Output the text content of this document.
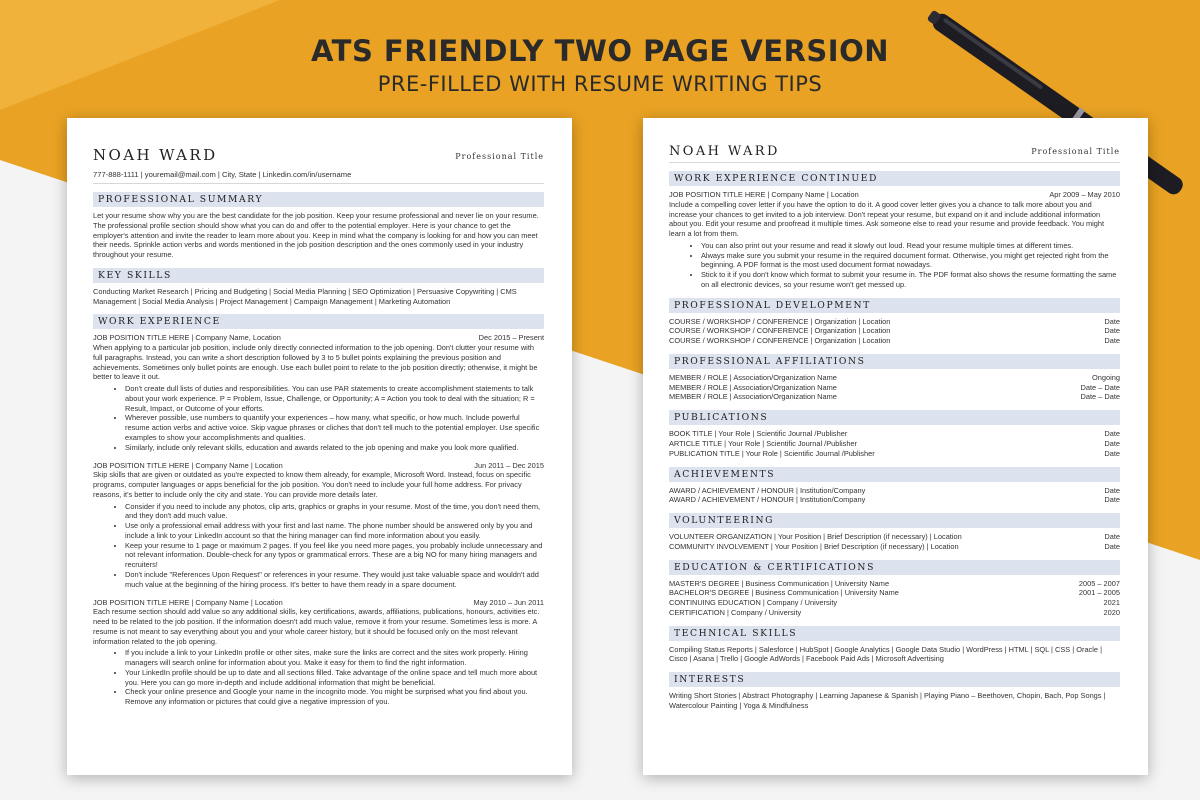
ATS FRIENDLY TWO PAGE VERSION
PRE-FILLED WITH RESUME WRITING TIPS
NOAH WARD	Professional Title
777-888-1111 | youremail@mail.com | City, State | Linkedin.com/in/username
PROFESSIONAL SUMMARY
Let your resume show why you are the best candidate for the job position. Keep your resume professional and never lie on your resume. The professional profile section should show what you can do and offer to the potential employer. Here is your chance to get the employer's attention and invite the reader to learn more about you. Keep in mind what the company is looking for and how you can meet their needs. Sprinkle action verbs and words mentioned in the job position description and the ones commonly used in your industry throughout your resume.
KEY SKILLS
Conducting Market Research | Pricing and Budgeting | Social Media Planning | SEO Optimization | Persuasive Copywriting | CMS Management | Social Media Analysis | Project Management | Campaign Management | Marketing Automation
WORK EXPERIENCE
JOB POSITION TITLE HERE | Company Name, Location	Dec 2015 – Present
When applying to a particular job position, include only directly connected information to the job opening. Don't clutter your resume with full paragraphs. Instead, you can write a short description followed by 3 to 5 bullet points explaining the previous position and achievements. Sometimes only bullet points are enough. Use each bullet point to relate to the job position directly; otherwise, it might be better to leave it out.
• Don't create dull lists of duties and responsibilities. You can use PAR statements to create accomplishment statements to talk about your work experience. P = Problem, Issue, Challenge, or Opportunity; A = Action you took to deal with the situation; R = Result, Impact, or Outcome of your efforts.
• Wherever possible, use numbers to quantify your experiences – how many, what specific, or how much. Include powerful resume action verbs and active voice. Skip vague phrases or cliches that don't tell much to the potential employer. Use specific examples to show your accomplishments and qualities.
• Similarly, include only relevant skills, education and awards related to the job opening and make you look more qualified.
JOB POSITION TITLE HERE | Company Name | Location	Jun 2011 – Dec 2015
Skip skills that are given or outdated as you're expected to know them already, for example, Microsoft Word. Instead, focus on specific programs, computer languages or apps beneficial for the job position. You don't need to include your full home address. For privacy reasons, it's better to include only the city and state. You can provide more details later.
• Consider if you need to include any photos, clip arts, graphics or graphs in your resume. Most of the time, you don't need them, and they don't add much value.
• Use only a professional email address with your first and last name. The phone number should be answered only by you and include a link to your LinkedIn account so that the hiring manager can find more information about you easily.
• Keep your resume to 1 page or maximum 2 pages. If you feel like you need more pages, you probably include unnecessary and not relevant information. Double-check for any typos or grammatical errors. These are a big NO for many hiring managers and recruiters!
• Don't include "References Upon Request" or references in your resume. They would just take valuable space and wouldn't add much value at the beginning of the hiring process. It's better to have them ready in a spare document.
JOB POSITION TITLE HERE | Company Name | Location	May 2010 – Jun 2011
Each resume section should add value so any additional skills, key certifications, awards, affiliations, publications, honours, activities etc. need to be related to the job position. If the information doesn't add much value, remove it from your resume. Sometimes less is more. A resume is not meant to say everything about you and your whole career history, but it should be focused only on the most relevant information related to the job opening.
• If you include a link to your LinkedIn profile or other sites, make sure the links are correct and the sites work properly. Hiring managers will search online for information about you. Make it easy for them to find the right information.
• Your LinkedIn profile should be up to date and all sections filled. Take advantage of the online space and tell much more about you. Here you can go more in-depth and include additional information that might be beneficial.
• Check your online presence and Google your name in the incognito mode. You might be surprised what you find about you. Remove any information or pictures that could give a negative impression of you.
NOAH WARD	Professional Title
WORK EXPERIENCE CONTINUED
JOB POSITION TITLE HERE | Company Name | Location	Apr 2009 – May 2010
Include a compelling cover letter if you have the option to do it. A good cover letter gives you a chance to talk more about you and increase your chances to get invited to a job interview. Don't repeat your resume, but expand on it and include additional information about you. Edit your resume and proofread it multiple times. Ask someone else to read your resume and provide feedback. You might learn a lot from them.
• You can also print out your resume and read it slowly out loud. Read your resume multiple times at different times.
• Always make sure you submit your resume in the required document format. Otherwise, you might get rejected right from the beginning. A PDF format is the most used document format nowadays.
• Stick to it if you don't know which format to submit your resume in. The PDF format also shows the resume formatting the same on all electronic devices, so your resume won't get messed up.
PROFESSIONAL DEVELOPMENT
COURSE / WORKSHOP / CONFERENCE | Organization | Location	Date
COURSE / WORKSHOP / CONFERENCE | Organization | Location	Date
COURSE / WORKSHOP / CONFERENCE | Organization | Location	Date
PROFESSIONAL AFFILIATIONS
MEMBER / ROLE | Association/Organization Name	Ongoing
MEMBER / ROLE | Association/Organization Name	Date – Date
MEMBER / ROLE | Association/Organization Name	Date – Date
PUBLICATIONS
BOOK TITLE | Your Role | Scientific Journal /Publisher	Date
ARTICLE TITLE | Your Role | Scientific Journal /Publisher	Date
PUBLICATION TITLE | Your Role | Scientific Journal /Publisher	Date
ACHIEVEMENTS
AWARD / ACHIEVEMENT / HONOUR | Institution/Company	Date
AWARD / ACHIEVEMENT / HONOUR | Institution/Company	Date
VOLUNTEERING
VOLUNTEER ORGANIZATION | Your Position | Brief Description (if necessary) | Location	Date
COMMUNITY INVOLVEMENT | Your Position | Brief Description (if necessary) | Location	Date
EDUCATION & CERTIFICATIONS
MASTER'S DEGREE | Business Communication | University Name	2005 – 2007
BACHELOR'S DEGREE | Business Communication | University Name	2001 – 2005
CONTINUING EDUCATION | Company / University	2021
CERTIFICATION | Company / University	2020
TECHNICAL SKILLS
Compiling Status Reports | Salesforce | HubSpot | Google Analytics | Google Data Studio | WordPress | HTML | SQL | CSS | Oracle | Cisco | Asana | Trello | Google AdWords | Facebook Paid Ads | Microsoft Advertising
INTERESTS
Writing Short Stories | Abstract Photography | Learning Japanese & Spanish | Playing Piano – Beethoven, Chopin, Bach, Pop Songs | Watercolour Painting | Yoga & Mindfulness
